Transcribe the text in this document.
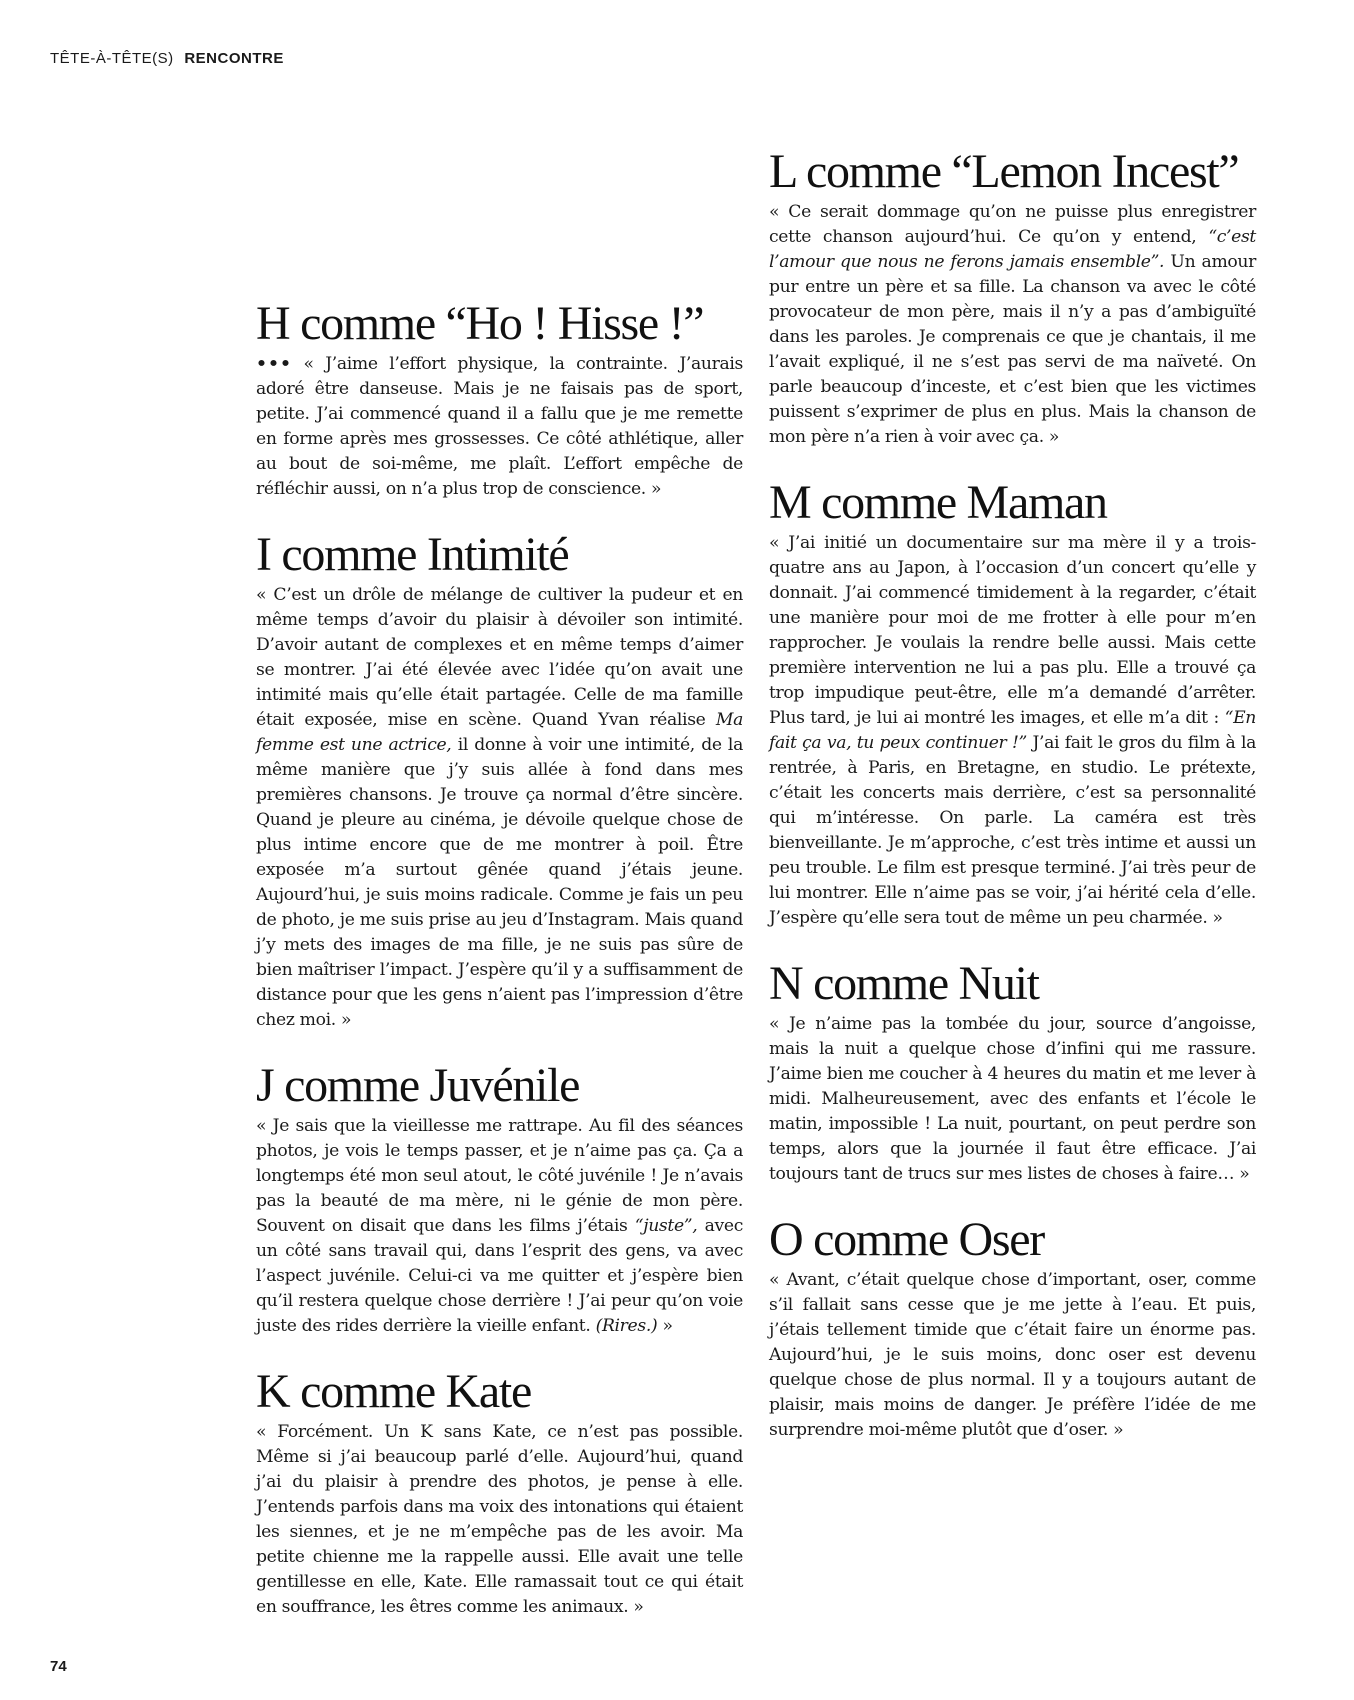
TÊTE-À-TÊTE(S) RENCONTRE
H comme “Ho ! Hisse !”

••• « J’aime l’effort physique, la contrainte. J’aurais adoré être danseuse. Mais je ne faisais pas de sport, petite. J’ai commencé quand il a fallu que je me remette en forme après mes grossesses. Ce côté athlétique, aller au bout de soi-même, me plaît. L’effort empêche de réfléchir aussi, on n’a plus trop de conscience. »

I comme Intimité

« C’est un drôle de mélange de cultiver la pudeur et en même temps d’avoir du plaisir à dévoiler son intimité. D’avoir autant de complexes et en même temps d’aimer se montrer. J’ai été élevée avec l’idée qu’on avait une intimité mais qu’elle était partagée. Celle de ma famille était exposée, mise en scène. Quand Yvan réalise Ma femme est une actrice, il donne à voir une intimité, de la même manière que j’y suis allée à fond dans mes premières chansons. Je trouve ça normal d’être sincère. Quand je pleure au cinéma, je dévoile quelque chose de plus intime encore que de me montrer à poil. Être exposée m’a surtout gênée quand j’étais jeune. Aujourd’hui, je suis moins radicale. Comme je fais un peu de photo, je me suis prise au jeu d’Instagram. Mais quand j’y mets des images de ma fille, je ne suis pas sûre de bien maîtriser l’impact. J’espère qu’il y a suffisamment de distance pour que les gens n’aient pas l’impression d’être chez moi. »

J comme Juvénile

« Je sais que la vieillesse me rattrape. Au fil des séances photos, je vois le temps passer, et je n’aime pas ça. Ça a longtemps été mon seul atout, le côté juvénile ! Je n’avais pas la beauté de ma mère, ni le génie de mon père. Souvent on disait que dans les films j’étais “juste”, avec un côté sans travail qui, dans l’esprit des gens, va avec l’aspect juvénile. Celui-ci va me quitter et j’espère bien qu’il restera quelque chose derrière ! J’ai peur qu’on voie juste des rides derrière la vieille enfant. (Rires.) »

K comme Kate

« Forcément. Un K sans Kate, ce n’est pas possible. Même si j’ai beaucoup parlé d’elle. Aujourd’hui, quand j’ai du plaisir à prendre des photos, je pense à elle. J’entends parfois dans ma voix des intonations qui étaient les siennes, et je ne m’empêche pas de les avoir. Ma petite chienne me la rappelle aussi. Elle avait une telle gentillesse en elle, Kate. Elle ramassait tout ce qui était en souffrance, les êtres comme les animaux. »

L comme “Lemon Incest”

« Ce serait dommage qu’on ne puisse plus enregistrer cette chanson aujourd’hui. Ce qu’on y entend, “c’est l’amour que nous ne ferons jamais ensemble”. Un amour pur entre un père et sa fille. La chanson va avec le côté provocateur de mon père, mais il n’y a pas d’ambiguïté dans les paroles. Je comprenais ce que je chantais, il me l’avait expliqué, il ne s’est pas servi de ma naïveté. On parle beaucoup d’inceste, et c’est bien que les victimes puissent s’exprimer de plus en plus. Mais la chanson de mon père n’a rien à voir avec ça. »

M comme Maman

« J’ai initié un documentaire sur ma mère il y a trois-quatre ans au Japon, à l’occasion d’un concert qu’elle y donnait. J’ai commencé timidement à la regarder, c’était une manière pour moi de me frotter à elle pour m’en rapprocher. Je voulais la rendre belle aussi. Mais cette première intervention ne lui a pas plu. Elle a trouvé ça trop impudique peut-être, elle m’a demandé d’arrêter. Plus tard, je lui ai montré les images, et elle m’a dit : “En fait ça va, tu peux continuer !” J’ai fait le gros du film à la rentrée, à Paris, en Bretagne, en studio. Le prétexte, c’était les concerts mais derrière, c’est sa personnalité qui m’intéresse. On parle. La caméra est très bienveillante. Je m’approche, c’est très intime et aussi un peu trouble. Le film est presque terminé. J’ai très peur de lui montrer. Elle n’aime pas se voir, j’ai hérité cela d’elle. J’espère qu’elle sera tout de même un peu charmée. »

N comme Nuit

« Je n’aime pas la tombée du jour, source d’angoisse, mais la nuit a quelque chose d’infini qui me rassure. J’aime bien me coucher à 4 heures du matin et me lever à midi. Malheureusement, avec des enfants et l’école le matin, impossible ! La nuit, pourtant, on peut perdre son temps, alors que la journée il faut être efficace. J’ai toujours tant de trucs sur mes listes de choses à faire… »

O comme Oser

« Avant, c’était quelque chose d’important, oser, comme s’il fallait sans cesse que je me jette à l’eau. Et puis, j’étais tellement timide que c’était faire un énorme pas. Aujourd’hui, je le suis moins, donc oser est devenu quelque chose de plus normal. Il y a toujours autant de plaisir, mais moins de danger. Je préfère l’idée de me surprendre moi-même plutôt que d’oser. »

74
